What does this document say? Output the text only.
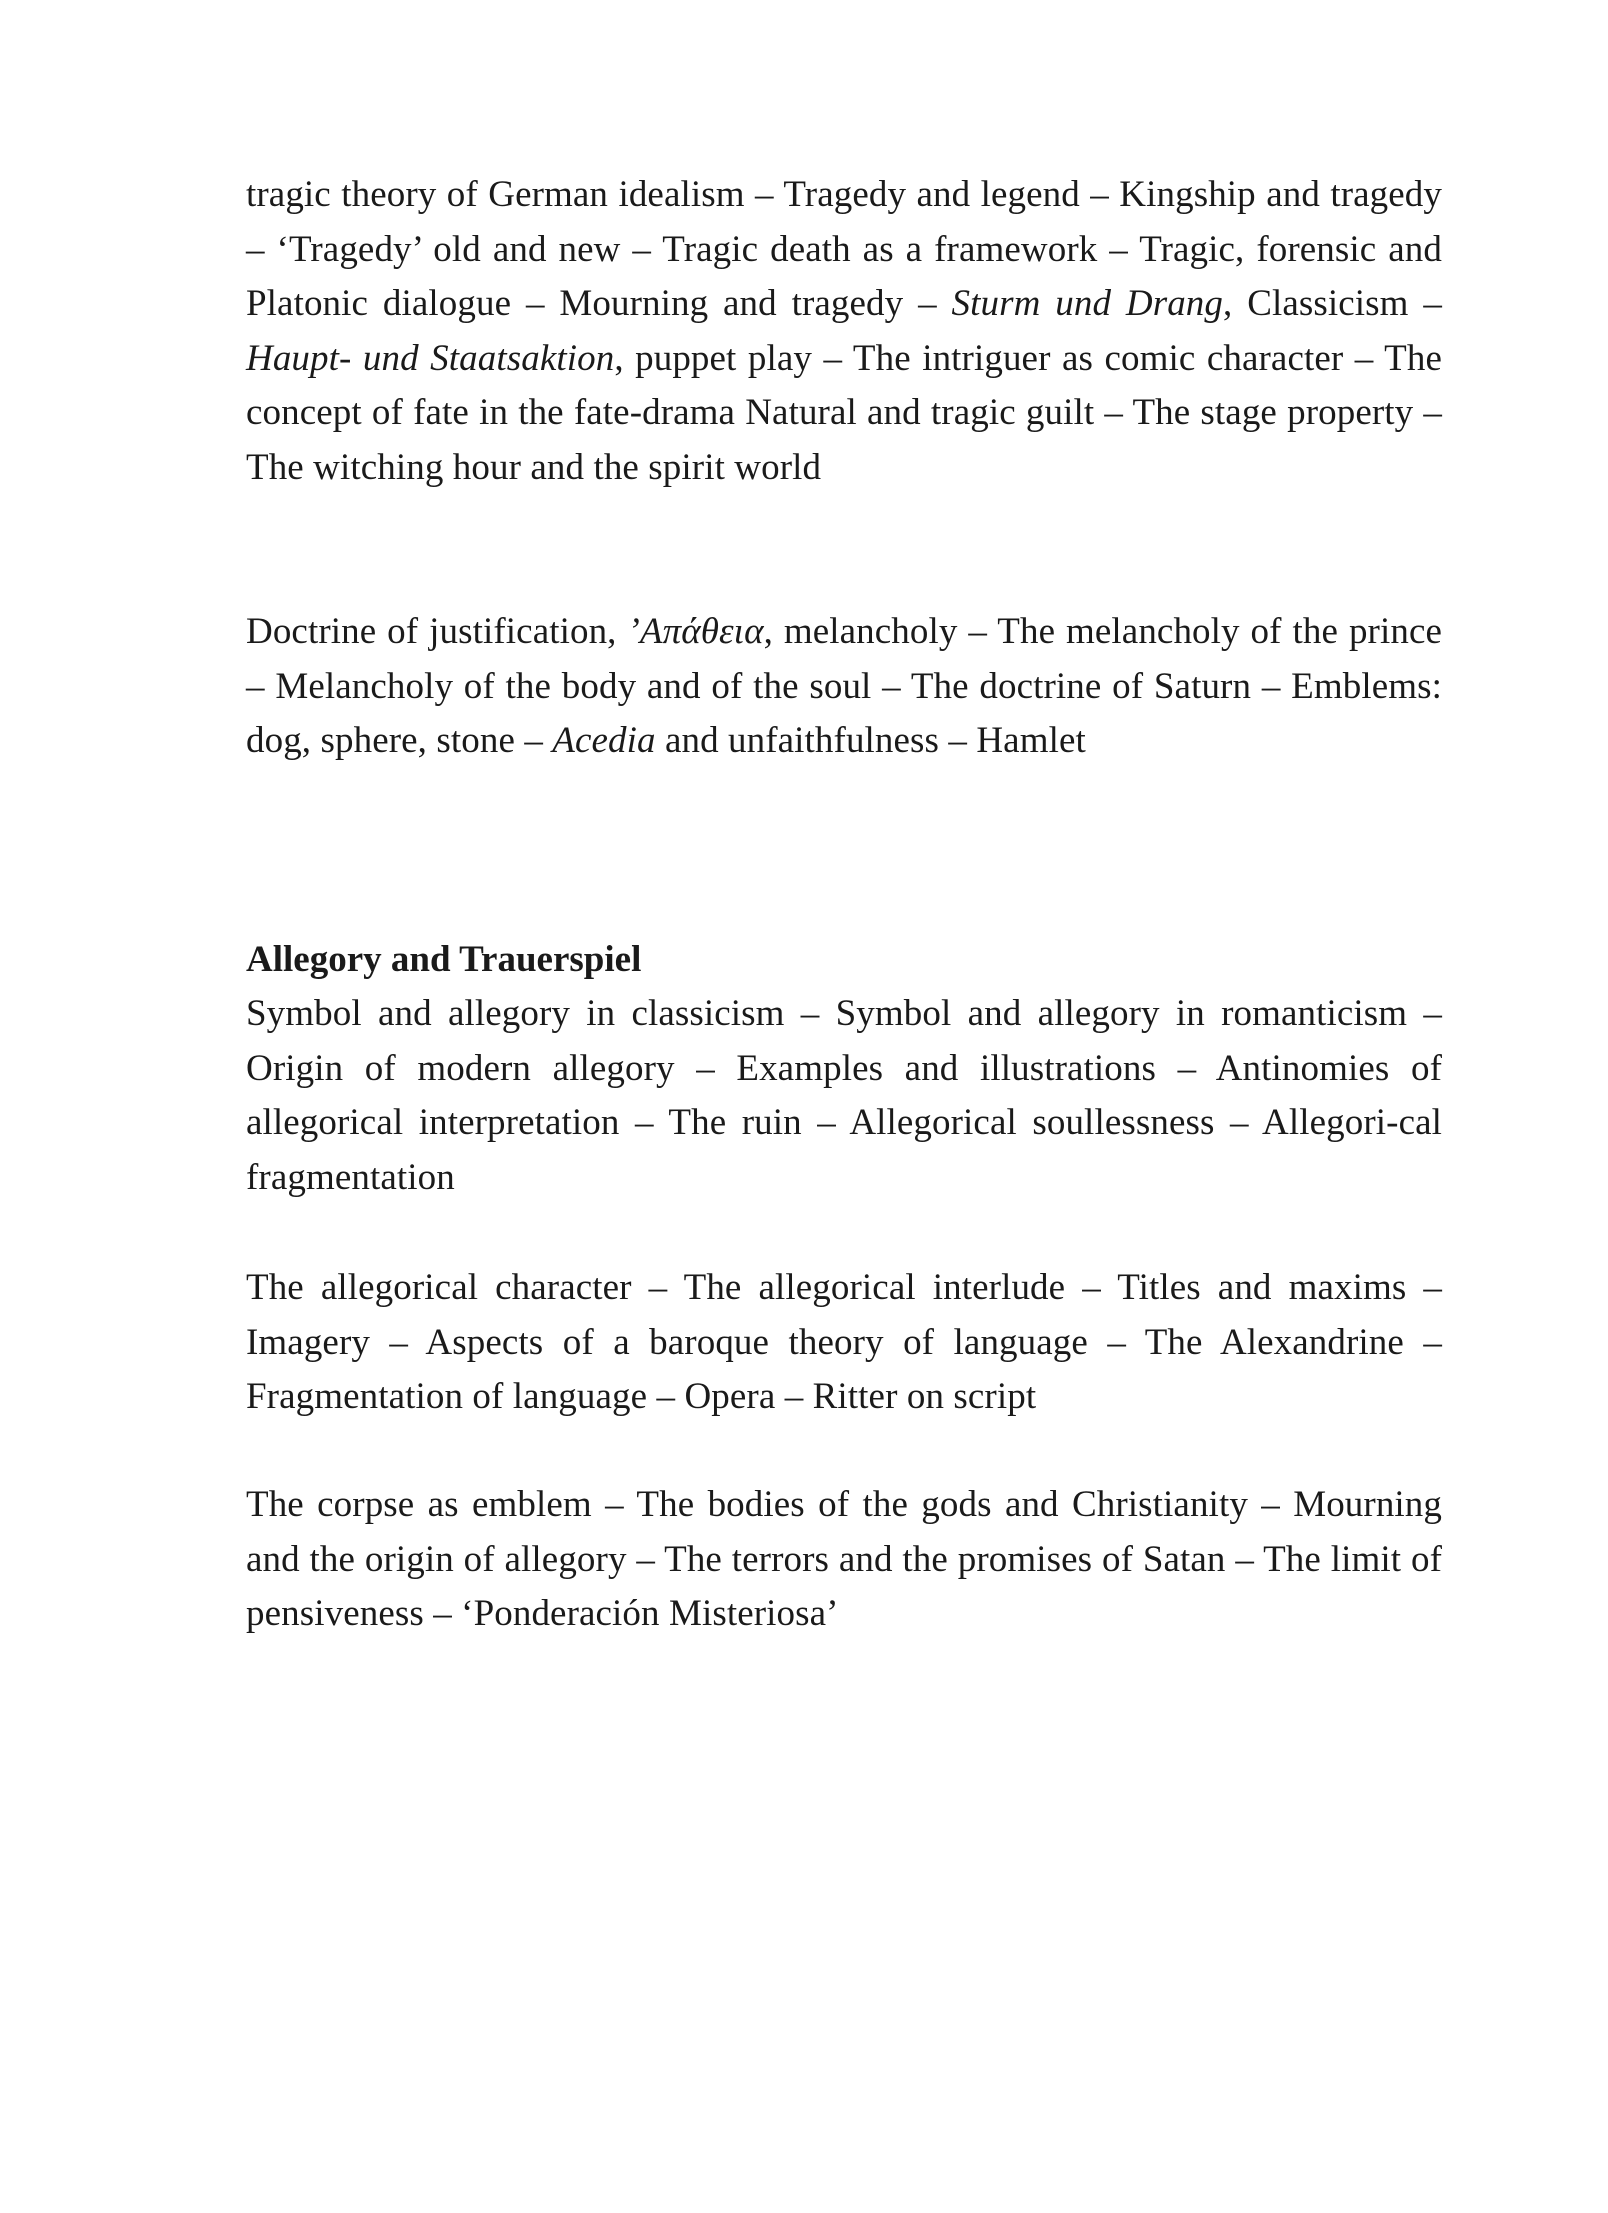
tragic theory of German idealism – Tragedy and legend – Kingship and tragedy – ‘Tragedy’ old and new – Tragic death as a framework – Tragic, forensic and Platonic dialogue – Mourning and tragedy – Sturm und Drang, Classicism – Haupt- und Staatsaktion, puppet play – The intriguer as comic character – The concept of fate in the fate-drama Natural and tragic guilt – The stage property – The witching hour and the spirit world

Doctrine of justification, ’Απάθεια, melancholy – The melancholy of the prince – Melancholy of the body and of the soul – The doctrine of Saturn – Emblems: dog, sphere, stone – Acedia and unfaithfulness – Hamlet

Allegory and Trauerspiel

Symbol and allegory in classicism – Symbol and allegory in romanticism – Origin of modern allegory – Examples and illustrations – Antinomies of allegorical interpretation – The ruin – Allegorical soullessness – Allegori-cal fragmentation

The allegorical character – The allegorical interlude – Titles and maxims – Imagery – Aspects of a baroque theory of language – The Alexandrine – Fragmentation of language – Opera – Ritter on script

The corpse as emblem – The bodies of the gods and Christianity – Mourning and the origin of allegory – The terrors and the promises of Satan – The limit of pensiveness – ‘Ponderación Misteriosa’
